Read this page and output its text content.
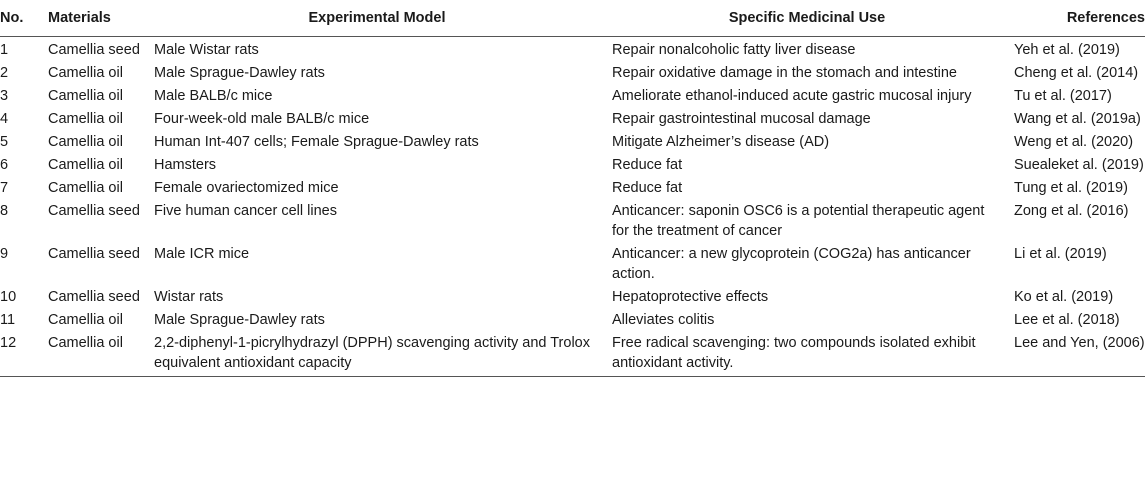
No.	Materials	Experimental Model	Specific Medicinal Use	References
1	Camellia seed	Male Wistar rats	Repair nonalcoholic fatty liver disease	Yeh et al. (2019)
2	Camellia oil	Male Sprague-Dawley rats	Repair oxidative damage in the stomach and intestine	Cheng et al. (2014)
3	Camellia oil	Male BALB/c mice	Ameliorate ethanol-induced acute gastric mucosal injury	Tu et al. (2017)
4	Camellia oil	Four-week-old male BALB/c mice	Repair gastrointestinal mucosal damage	Wang et al. (2019a)
5	Camellia oil	Human Int-407 cells; Female Sprague-Dawley rats	Mitigate Alzheimer’s disease (AD)	Weng et al. (2020)
6	Camellia oil	Hamsters	Reduce fat	Suealeket al. (2019)
7	Camellia oil	Female ovariectomized mice	Reduce fat	Tung et al. (2019)
8	Camellia seed	Five human cancer cell lines	Anticancer: saponin OSC6 is a potential therapeutic agent for the treatment of cancer	Zong et al. (2016)
9	Camellia seed	Male ICR mice	Anticancer: a new glycoprotein (COG2a) has anticancer action.	Li et al. (2019)
10	Camellia seed	Wistar rats	Hepatoprotective effects	Ko et al. (2019)
11	Camellia oil	Male Sprague-Dawley rats	Alleviates colitis	Lee et al. (2018)
12	Camellia oil	2,2-diphenyl-1-picrylhydrazyl (DPPH) scavenging activity and Trolox equivalent antioxidant capacity	Free radical scavenging: two compounds isolated exhibit antioxidant activity.	Lee and Yen, (2006)
